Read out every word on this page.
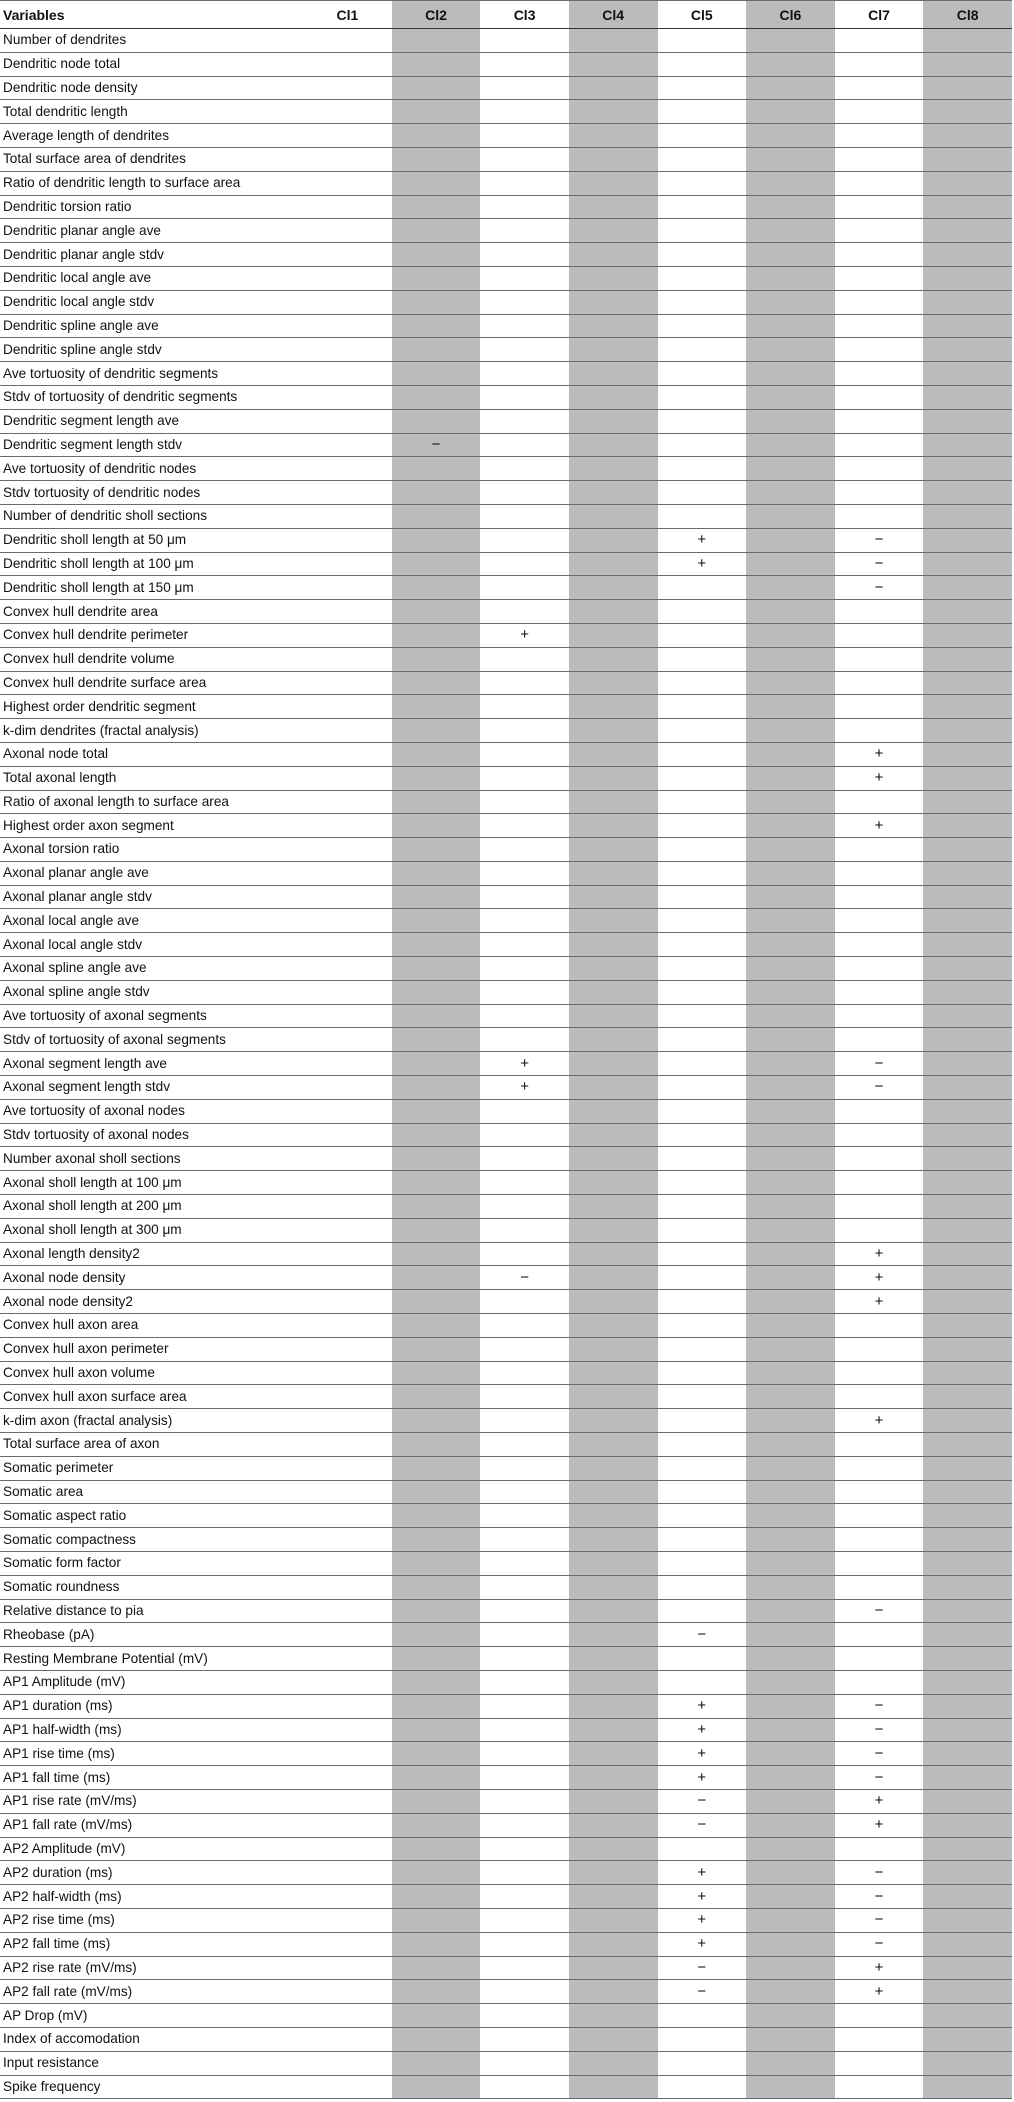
Variables	Cl1	Cl2	Cl3	Cl4	Cl5	Cl6	Cl7	Cl8
Number of dendrites								
Dendritic node total								
Dendritic node density								
Total dendritic length								
Average length of dendrites								
Total surface area of dendrites								
Ratio of dendritic length to surface area								
Dendritic torsion ratio								
Dendritic planar angle ave								
Dendritic planar angle stdv								
Dendritic local angle ave								
Dendritic local angle stdv								
Dendritic spline angle ave								
Dendritic spline angle stdv								
Ave tortuosity of dendritic segments								
Stdv of tortuosity of dendritic segments								
Dendritic segment length ave								
Dendritic segment length stdv		−						
Ave tortuosity of dendritic nodes								
Stdv tortuosity of dendritic nodes								
Number of dendritic sholl sections								
Dendritic sholl length at 50 μm					+		−	
Dendritic sholl length at 100 μm					+		−	
Dendritic sholl length at 150 μm							−	
Convex hull dendrite area								
Convex hull dendrite perimeter			+					
Convex hull dendrite volume								
Convex hull dendrite surface area								
Highest order dendritic segment								
k-dim dendrites (fractal analysis)								
Axonal node total							+	
Total axonal length							+	
Ratio of axonal length to surface area								
Highest order axon segment							+	
Axonal torsion ratio								
Axonal planar angle ave								
Axonal planar angle stdv								
Axonal local angle ave								
Axonal local angle stdv								
Axonal spline angle ave								
Axonal spline angle stdv								
Ave tortuosity of axonal segments								
Stdv of tortuosity of axonal segments								
Axonal segment length ave			+				−	
Axonal segment length stdv			+				−	
Ave tortuosity of axonal nodes								
Stdv tortuosity of axonal nodes								
Number axonal sholl sections								
Axonal sholl length at 100 μm								
Axonal sholl length at 200 μm								
Axonal sholl length at 300 μm								
Axonal length density2							+	
Axonal node density			−				+	
Axonal node density2							+	
Convex hull axon area								
Convex hull axon perimeter								
Convex hull axon volume								
Convex hull axon surface area								
k-dim axon (fractal analysis)							+	
Total surface area of axon								
Somatic perimeter								
Somatic area								
Somatic aspect ratio								
Somatic compactness								
Somatic form factor								
Somatic roundness								
Relative distance to pia							−	
Rheobase (pA)					−			
Resting Membrane Potential (mV)								
AP1 Amplitude (mV)								
AP1 duration (ms)					+		−	
AP1 half-width (ms)					+		−	
AP1 rise time (ms)					+		−	
AP1 fall time (ms)					+		−	
AP1 rise rate (mV/ms)					−		+	
AP1 fall rate (mV/ms)					−		+	
AP2 Amplitude (mV)								
AP2 duration (ms)					+		−	
AP2 half-width (ms)					+		−	
AP2 rise time (ms)					+		−	
AP2 fall time (ms)					+		−	
AP2 rise rate (mV/ms)					−		+	
AP2 fall rate (mV/ms)					−		+	
AP Drop (mV)								
Index of accomodation								
Input resistance								
Spike frequency								
